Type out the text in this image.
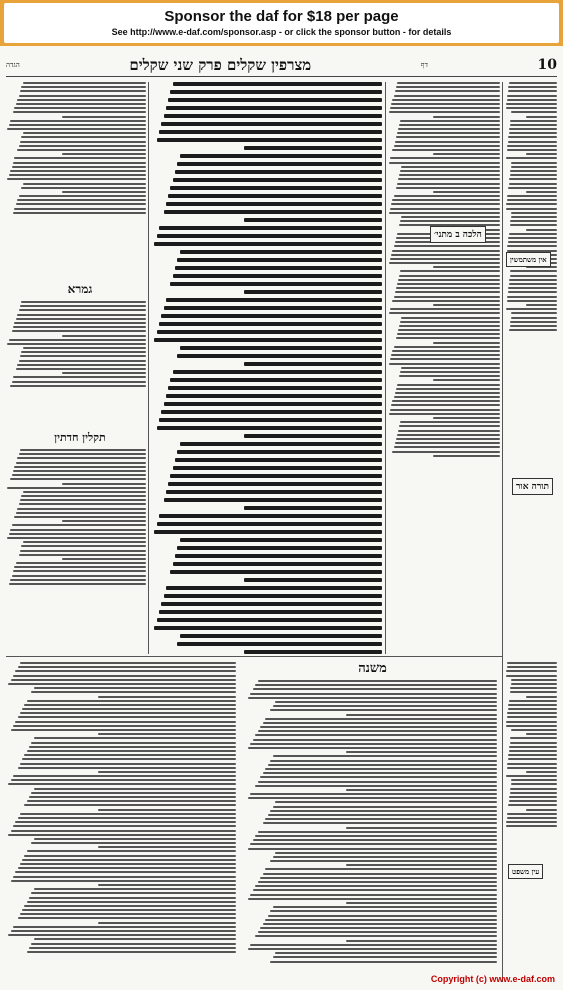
Sponsor the daf for $18 per page
See http://www.e-daf.com/sponsor.asp - or click the sponsor button - for details
הגדה	מצרפין שקלים פרק שני שקלים	דף	10
גמרא
תקלין חדתין
הלכה ב מתני׳
תורה אור
אין משתמשין
משנה
עין משפט
Copyright (c) www.e-daf.com
